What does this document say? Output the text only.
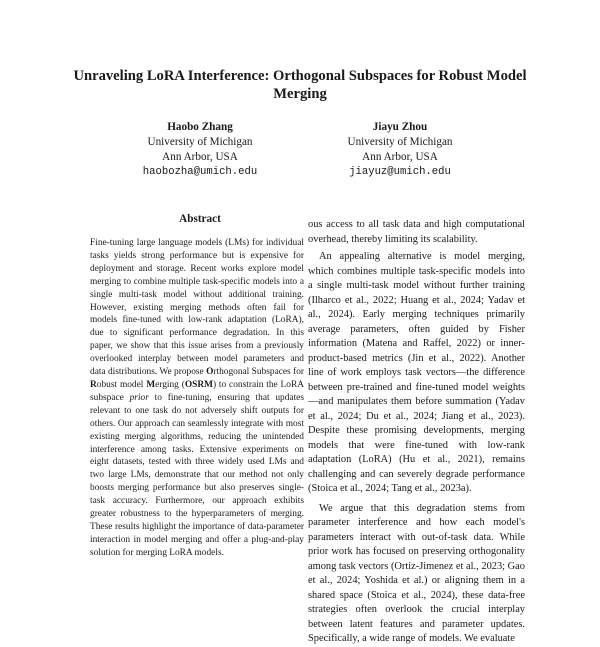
Unraveling LoRA Interference: Orthogonal Subspaces for Robust Model Merging
Haobo Zhang
University of Michigan
Ann Arbor, USA
haobozha@umich.edu
Jiayu Zhou
University of Michigan
Ann Arbor, USA
jiayuz@umich.edu
Abstract

Fine-tuning large language models (LMs) for individual tasks yields strong performance but is expensive for deployment and storage. Recent works explore model merging to combine multiple task-specific models into a single multi-task model without additional training. However, existing merging methods often fail for models fine-tuned with low-rank adaptation (LoRA), due to significant performance degradation. In this paper, we show that this issue arises from a previously overlooked interplay between model parameters and data distributions. We propose Orthogonal Subspaces for Robust model Merging (OSRM) to constrain the LoRA subspace prior to fine-tuning, ensuring that updates relevant to one task do not adversely shift outputs for others. Our approach can seamlessly integrate with most existing merging algorithms, reducing the unintended interference among tasks. Extensive experiments on eight datasets, tested with three widely used LMs and two large LMs, demonstrate that our method not only boosts merging performance but also preserves single-task accuracy. Furthermore, our approach exhibits greater robustness to the hyperparameters of merging. These results highlight the importance of data-parameter interaction in model merging and offer a plug-and-play solution for merging LoRA models.

ous access to all task data and high computational overhead, thereby limiting its scalability.

An appealing alternative is model merging, which combines multiple task-specific models into a single multi-task model without further training (Ilharco et al., 2022; Huang et al., 2024; Yadav et al., 2024). Early merging techniques primarily average parameters, often guided by Fisher information (Matena and Raffel, 2022) or inner-product-based metrics (Jin et al., 2022). Another line of work employs task vectors—the difference between pre-trained and fine-tuned model weights—and manipulates them before summation (Yadav et al., 2024; Du et al., 2024; Jiang et al., 2023). Despite these promising developments, merging models that were fine-tuned with low-rank adaptation (LoRA) (Hu et al., 2021), remains challenging and can severely degrade performance (Stoica et al., 2024; Tang et al., 2023a).

We argue that this degradation stems from parameter interference and how each model's parameters interact with out-of-task data. While prior work has focused on preserving orthogonality among task vectors (Ortiz-Jimenez et al., 2023; Gao et al., 2024; Yoshida et al.) or aligning them in a shared space (Stoica et al., 2024), these data-free strategies often overlook the crucial interplay between latent features and parameter updates. Specifically, a wide range of models. We evaluate
